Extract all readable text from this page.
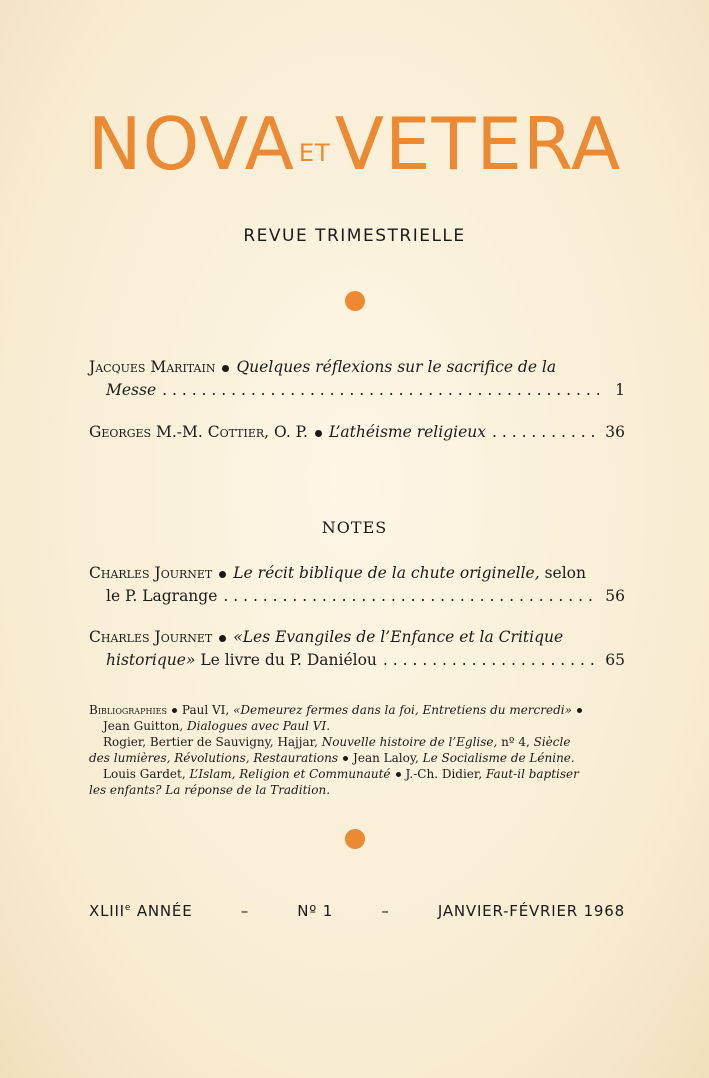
NOVA ETVETERA
REVUE TRIMESTRIELLE
Jacques Maritain Quelques réflexions sur le sacrifice de la
Messe . . .	1
Georges M.-M. Cottier, O. P. L’athéisme religieux . . .	36
NOTES
Charles Journet Le récit biblique de la chute originelle, selon
le P. Lagrange . . .	56
Charles Journet «Les Evangiles de l’Enfance et la Critique
historique» Le livre du P. Daniélou . . .	65

Bibliographies Paul VI, «Demeurez fermes dans la foi, Entretiens du mercredi»

Jean Guitton, Dialogues avec Paul VI.

Rogier, Bertier de Sauvigny, Hajjar, Nouvelle histoire de l’Eglise, nº 4, Siècle

des lumières, Révolutions, Restaurations Jean Laloy, Le Socialisme de Lénine.

Louis Gardet, L’Islam, Religion et Communauté J.-Ch. Didier, Faut-il baptiser

les enfants? La réponse de la Tradition.

XLIIIe ANNÉE	–	Nº 1	–	JANVIER-FÉVRIER 1968
